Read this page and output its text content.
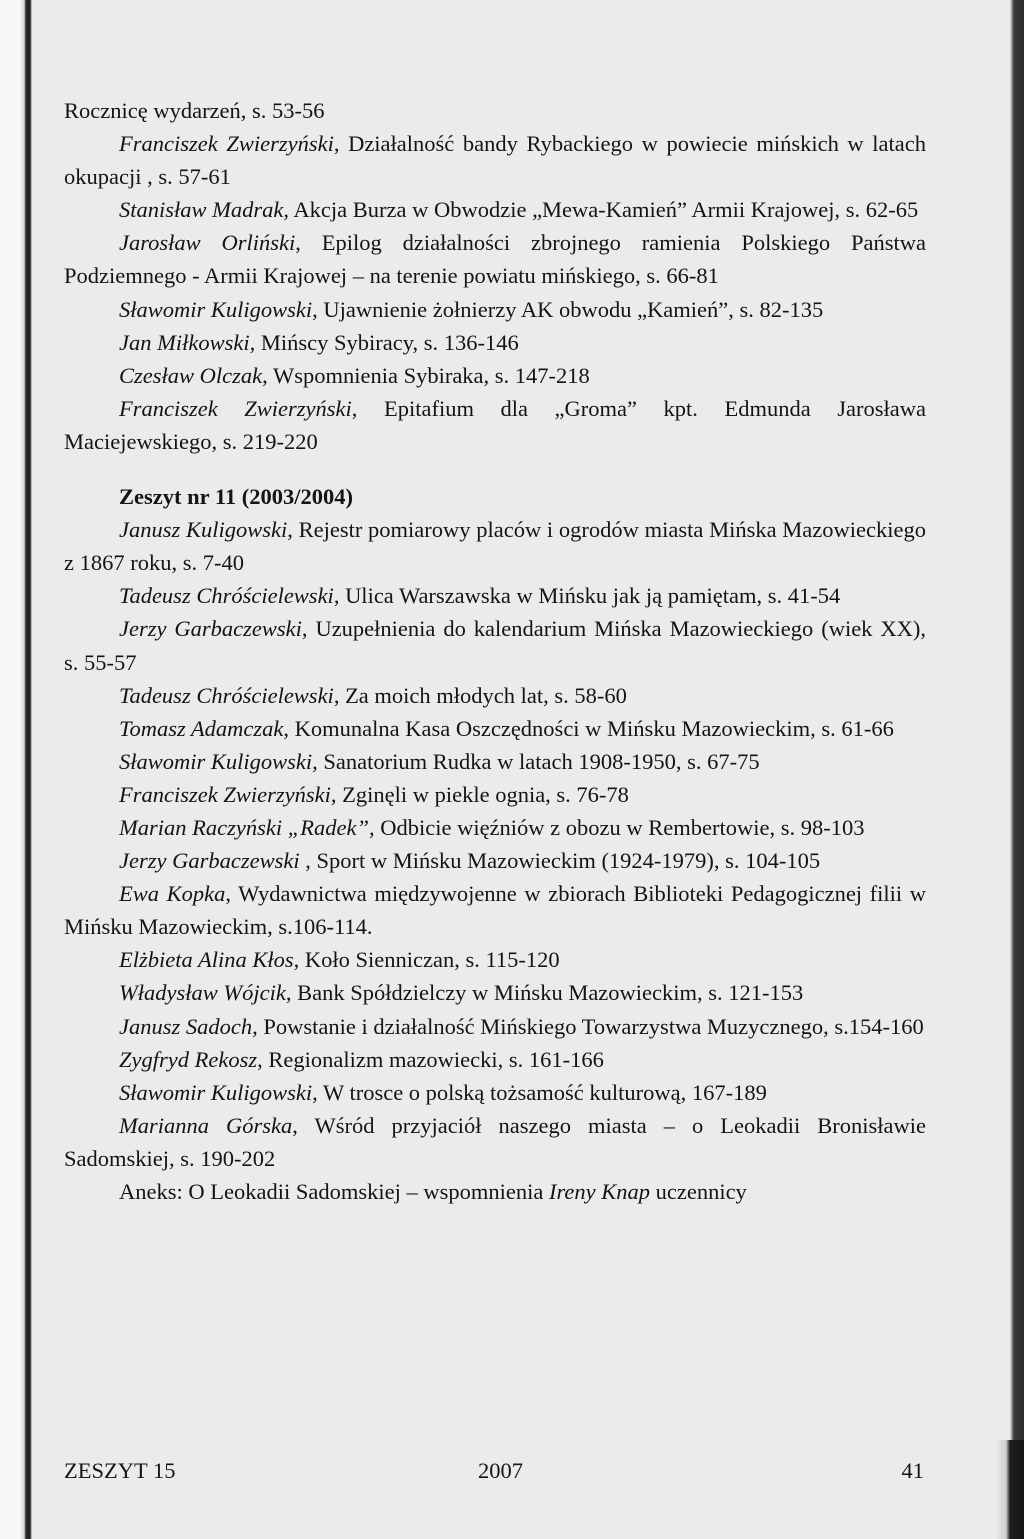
Rocznicę wydarzeń, s. 53-56

Franciszek Zwierzyński, Działalność bandy Rybackiego w powiecie mińskich w latach okupacji , s. 57-61

Stanisław Madrak, Akcja Burza w Obwodzie „Mewa-Kamień” Armii Krajowej, s. 62-65

Jarosław Orliński, Epilog działalności zbrojnego ramienia Polskiego Państwa Podziemnego - Armii Krajowej – na terenie powiatu mińskiego, s. 66-81

Sławomir Kuligowski, Ujawnienie żołnierzy AK obwodu „Kamień”, s. 82-135

Jan Miłkowski, Mińscy Sybiracy, s. 136-146

Czesław Olczak, Wspomnienia Sybiraka, s. 147-218

Franciszek Zwierzyński, Epitafium dla „Groma” kpt. Edmunda Jarosława Maciejewskiego, s. 219-220

Zeszyt nr 11 (2003/2004)

Janusz Kuligowski, Rejestr pomiarowy placów i ogrodów miasta Mińska Mazowieckiego z 1867 roku, s. 7-40

Tadeusz Chróścielewski, Ulica Warszawska w Mińsku jak ją pamiętam, s. 41-54

Jerzy Garbaczewski, Uzupełnienia do kalendarium Mińska Mazowieckiego (wiek XX), s. 55-57

Tadeusz Chróścielewski, Za moich młodych lat, s. 58-60

Tomasz Adamczak, Komunalna Kasa Oszczędności w Mińsku Mazowieckim, s. 61-66

Sławomir Kuligowski, Sanatorium Rudka w latach 1908-1950, s. 67-75

Franciszek Zwierzyński, Zginęli w piekle ognia, s. 76-78

Marian Raczyński „Radek”, Odbicie więźniów z obozu w Rembertowie, s. 98-103

Jerzy Garbaczewski , Sport w Mińsku Mazowieckim (1924-1979), s. 104-105

Ewa Kopka, Wydawnictwa międzywojenne w zbiorach Biblioteki Pedagogicznej filii w Mińsku Mazowieckim, s.106-114.

Elżbieta Alina Kłos, Koło Sienniczan, s. 115-120

Władysław Wójcik, Bank Spółdzielczy w Mińsku Mazowieckim, s. 121-153

Janusz Sadoch, Powstanie i działalność Mińskiego Towarzystwa Muzycznego, s.154-160

Zygfryd Rekosz, Regionalizm mazowiecki, s. 161-166

Sławomir Kuligowski, W trosce o polską tożsamość kulturową, 167-189

Marianna Górska, Wśród przyjaciół naszego miasta – o Leokadii Bronisławie Sadomskiej, s. 190-202

Aneks: O Leokadii Sadomskiej – wspomnienia Ireny Knap uczennicy

ZESZYT 15	2007	41
